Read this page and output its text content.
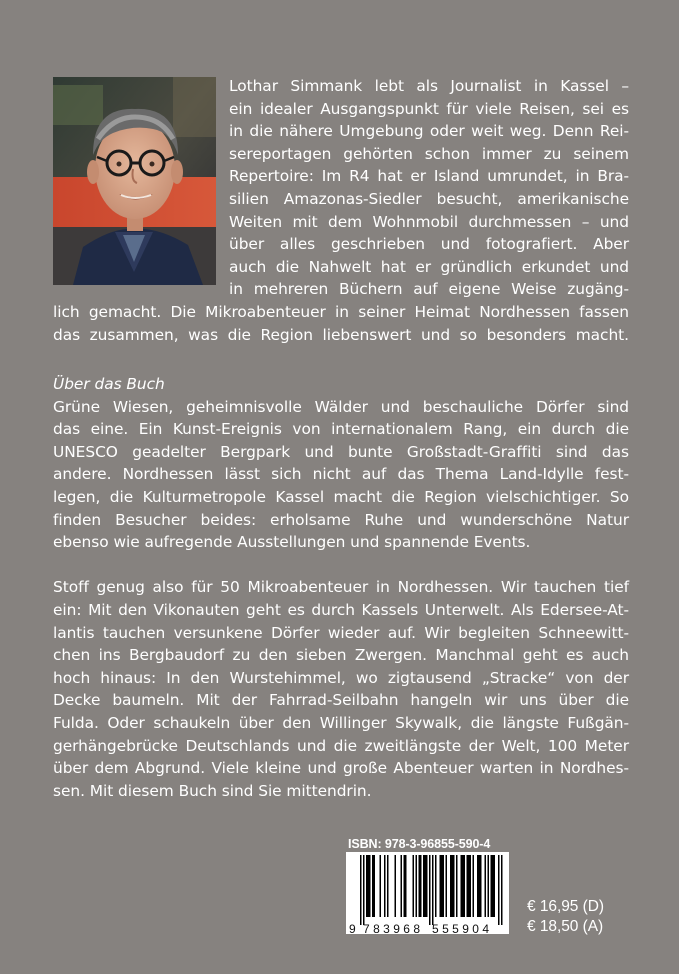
Lothar Simmank lebt als Journalist in Kassel –
ein idealer Ausgangspunkt für viele Reisen, sei es
in die nähere Umgebung oder weit weg. Denn Rei-
sereportagen gehörten schon immer zu seinem
Repertoire: Im R4 hat er Island umrundet, in Bra-
silien Amazonas-Siedler besucht, amerikanische
Weiten mit dem Wohnmobil durchmessen – und
über alles geschrieben und fotografiert. Aber
auch die Nahwelt hat er gründlich erkundet und
in mehreren Büchern auf eigene Weise zugäng-
lich gemacht. Die Mikroabenteuer in seiner Heimat Nordhessen fassen
das zusammen, was die Region liebenswert und so besonders macht.
Über das Buch

Grüne Wiesen, geheimnisvolle Wälder und beschauliche Dörfer sind
das eine. Ein Kunst-Ereignis von internationalem Rang, ein durch die
UNESCO geadelter Bergpark und bunte Großstadt-Graffiti sind das
andere. Nordhessen lässt sich nicht auf das Thema Land-Idylle fest-
legen, die Kulturmetropole Kassel macht die Region vielschichtiger. So
finden Besucher beides: erholsame Ruhe und wunderschöne Natur
ebenso wie aufregende Ausstellungen und spannende Events.

Stoff genug also für 50 Mikroabenteuer in Nordhessen. Wir tauchen tief
ein: Mit den Vikonauten geht es durch Kassels Unterwelt. Als Edersee-At-
lantis tauchen versunkene Dörfer wieder auf. Wir begleiten Schneewitt-
chen ins Bergbaudorf zu den sieben Zwergen. Manchmal geht es auch
hoch hinaus: In den Wurstehimmel, wo zigtausend „Stracke“ von der
Decke baumeln. Mit der Fahrrad-Seilbahn hangeln wir uns über die
Fulda. Oder schaukeln über den Willinger Skywalk, die längste Fußgän-
gerhängebrücke Deutschlands und die zweitlängste der Welt, 100 Meter
über dem Abgrund. Viele kleine und große Abenteuer warten in Nordhes-
sen. Mit diesem Buch sind Sie mittendrin.

ISBN: 978-3-96855-590-4
9 783968 555904
€ 16,95 (D)
€ 18,50 (A)
